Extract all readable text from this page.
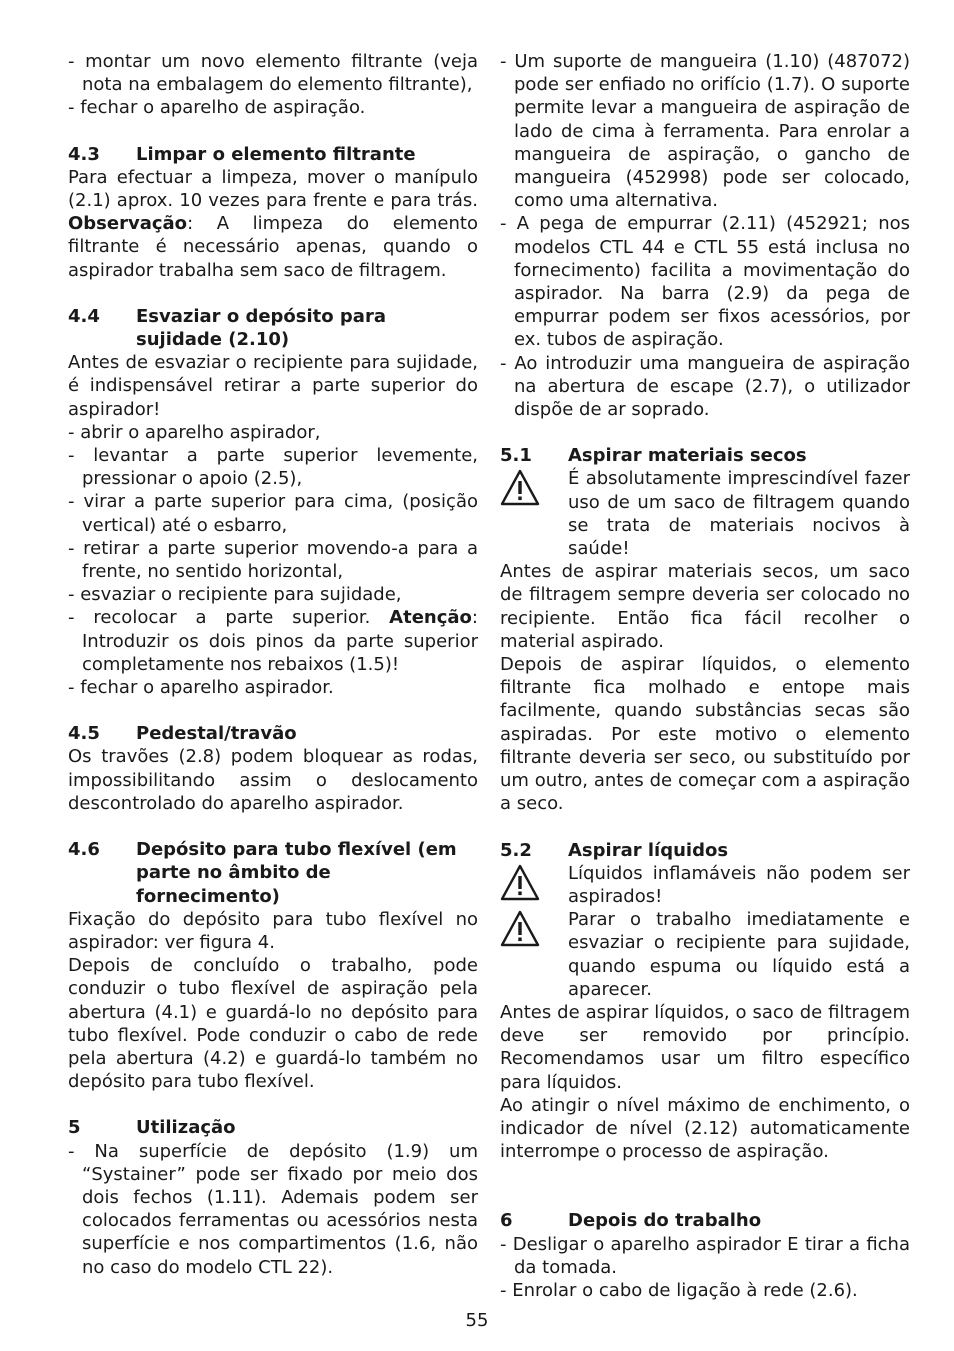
- montar um novo elemento filtrante (veja nota na embalagem do elemento filtrante),

- fechar o aparelho de aspiração.

4.3	Limpar o elemento filtrante

Para efectuar a limpeza, mover o manípulo (2.1) aprox. 10 vezes para frente e para trás. Observação: A limpeza do elemento filtrante é necessário apenas, quando o aspirador trabalha sem saco de filtragem.

4.4	Esvaziar o depósito para sujidade (2.10)

Antes de esvaziar o recipiente para sujidade, é indispensável retirar a parte superior do aspirador!

- abrir o aparelho aspirador,

- levantar a parte superior levemente, pressionar o apoio (2.5),

- virar a parte superior para cima, (posição vertical) até o esbarro,

- retirar a parte superior movendo-a para a frente, no sentido horizontal,

- esvaziar o recipiente para sujidade,

- recolocar a parte superior. Atenção: Introduzir os dois pinos da parte superior completamente nos rebaixos (1.5)!

- fechar o aparelho aspirador.

4.5	Pedestal/travão

Os travões (2.8) podem bloquear as rodas, impossibilitando assim o deslocamento descontrolado do aparelho aspirador.

4.6	Depósito para tubo flexível (em parte no âmbito de fornecimento)

Fixação do depósito para tubo flexível no aspirador: ver figura 4.

Depois de concluído o trabalho, pode conduzir o tubo flexível de aspiração pela abertura (4.1) e guardá-lo no depósito para tubo flexível. Pode conduzir o cabo de rede pela abertura (4.2) e guardá-lo também no depósito para tubo flexível.

5	Utilização

- Na superfície de depósito (1.9) um “Systainer” pode ser fixado por meio dos dois fechos (1.11). Ademais podem ser colocados ferramentas ou acessórios nesta superfície e nos compartimentos (1.6, não no caso do modelo CTL 22).

- Um suporte de mangueira (1.10) (487072) pode ser enfiado no orifício (1.7). O suporte permite levar a mangueira de aspiração de lado de cima à ferramenta. Para enrolar a mangueira de aspiração, o gancho de mangueira (452998) pode ser colocado, como uma alternativa.

- A pega de empurrar (2.11) (452921; nos modelos CTL 44 e CTL 55 está inclusa no fornecimento) facilita a movimentação do aspirador. Na barra (2.9) da pega de empurrar podem ser fixos acessórios, por ex. tubos de aspiração.

- Ao introduzir uma mangueira de aspiração na abertura de escape (2.7), o utilizador dispõe de ar soprado.

5.1	Aspirar materiais secos
É absolutamente imprescindível fazer uso de um saco de filtragem quando se trata de materiais nocivos à saúde!

Antes de aspirar materiais secos, um saco de filtragem sempre deveria ser colocado no recipiente. Então fica fácil recolher o material aspirado.

Depois de aspirar líquidos, o elemento filtrante fica molhado e entope mais facilmente, quando substâncias secas são aspiradas. Por este motivo o elemento filtrante deveria ser seco, ou substituído por um outro, antes de começar com a aspiração a seco.

5.2	Aspirar líquidos
Líquidos inflamáveis não podem ser aspirados!
Parar o trabalho imediatamente e esvaziar o recipiente para sujidade, quando espuma ou líquido está a aparecer.

Antes de aspirar líquidos, o saco de filtragem deve ser removido por princípio. Recomendamos usar um filtro específico para líquidos.

Ao atingir o nível máximo de enchimento, o indicador de nível (2.12) automaticamente interrompe o processo de aspiração.

6	Depois do trabalho

- Desligar o aparelho aspirador E tirar a ficha da tomada.

- Enrolar o cabo de ligação à rede (2.6).

55
